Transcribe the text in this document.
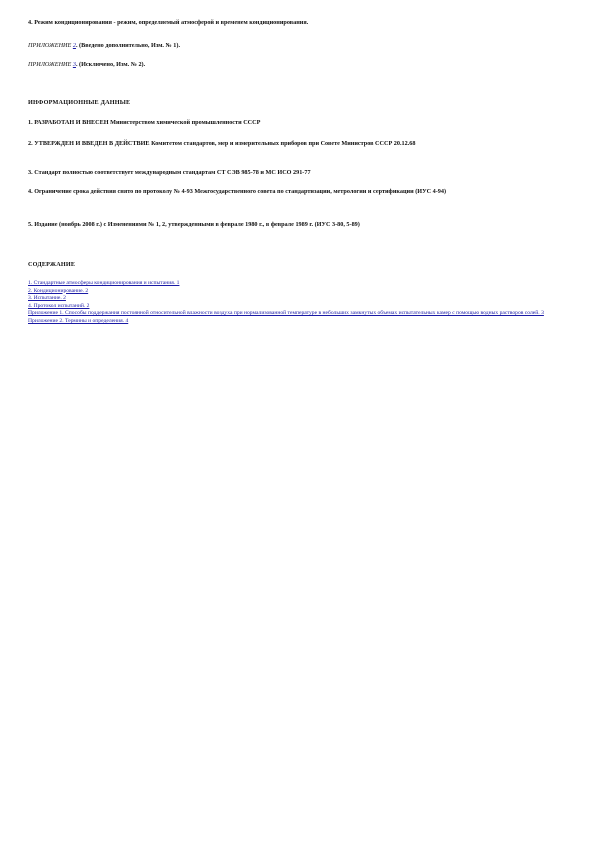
4. Режим кондиционирования - режим, определяемый атмосферой и временем кондиционирования.

ПРИЛОЖЕНИЕ 2. (Введено дополнительно, Изм. № 1).

ПРИЛОЖЕНИЕ 3. (Исключено, Изм. № 2).

ИНФОРМАЦИОННЫЕ ДАННЫЕ

1. РАЗРАБОТАН И ВНЕСЕН Министерством химической промышленности СССР

2. УТВЕРЖДЕН И ВВЕДЕН В ДЕЙСТВИЕ Комитетом стандартов, мер и измерительных приборов при Совете Министров СССР 20.12.68

3. Стандарт полностью соответствует международным стандартам СТ СЭВ 985-78 и МС ИСО 291-77

4. Ограничение срока действия снято по протоколу № 4-93 Межгосударственного совета по стандартизации, метрологии и сертификации (ИУС 4-94)

5. Издание (ноябрь 2008 г.) с Изменениями № 1, 2, утвержденными в феврале 1980 г., в феврале 1989 г. (ИУС 3-80, 5-89)

СОДЕРЖАНИЕ
1. Стандартные атмосферы кондиционирования и испытания. 1
2. Кондиционирование. 2
3. Испытание. 2
4. Протокол испытаний. 2
Приложение 1. Способы поддержания постоянной относительной влажности воздуха при нормализованной температуре в небольших замкнутых объемах испытательных камер с помощью водных растворов солей. 3
Приложение 2. Термины и определения. 4
